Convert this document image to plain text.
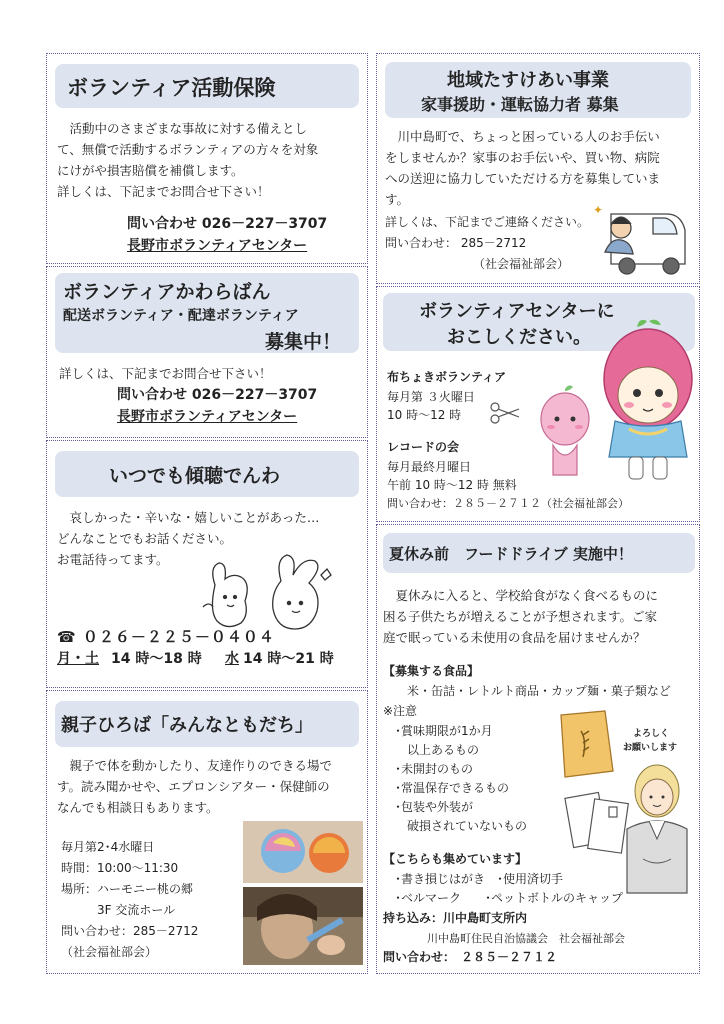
ボランティア活動保険
　活動中のさまざまな事故に対する備えとし
て、無償で活動するボランティアの方々を対象
にけがや損害賠償を補償します。
詳しくは、下記までお問合せ下さい！
問い合わせ 026－227－3707
長野市ボランティアセンター
ボランティアかわらばん
配送ボランティア・配達ボランティア
募集中！
詳しくは、下記までお問合せ下さい！
問い合わせ 026－227－3707
長野市ボランティアセンター
いつでも傾聴でんわ
　哀しかった・辛いな・嬉しいことがあった…
どんなことでもお話ください。
お電話待ってます。
☎ ０２６－２２５－０４０４
月・土 14 時～18 時 水 14 時～21 時
親子ひろば「みんなともだち」
　親子で体を動かしたり、友達作りのできる場で
す。読み聞かせや、エプロンシアター・保健師の
なんでも相談日もあります。
毎月第2･4水曜日
時間：10:00～11:30
場所：ハーモニー桃の郷
　　　3F 交流ホール
問い合わせ：285－2712
（社会福祉部会）
地域たすけあい事業
家事援助・運転協力者 募集
　川中島町で、ちょっと困っている人のお手伝い
をしませんか？家事のお手伝いや、買い物、病院
への送迎に協力していただける方を募集していま
す。
詳しくは、下記までご連絡ください。
問い合わせ： 285－2712
（社会福祉部会）
✦
ボランティアセンターに
おこしください。
布ちょきボランティア
毎月第 ３火曜日
10 時～12 時
レコードの会
毎月最終月曜日
午前 10 時～12 時 無料
問い合わせ：２８５－２７１２（社会福祉部会）
夏休み前　フードドライブ 実施中！
　夏休みに入ると、学校給食がなく食べるものに
困る子供たちが増えることが予想されます。ご家
庭で眠っている未使用の食品を届けませんか？
【募集する食品】
　　米・缶詰・レトルト商品・カップ麺・菓子類など
※注意
　･賞味期限が1か月
　　以上あるもの
　･未開封のもの
　･常温保存できるもの
　･包装や外装が
　　破損されていないもの
よろしく
お願いします
【こちらも集めています】
　･書き損じはがき　･使用済切手
　･ベルマーク　　･ペットボトルのキャップ
持ち込み：川中島町支所内
　　　　川中島町住民自治協議会　社会福祉部会
問い合わせ：　２８５－２７１２
